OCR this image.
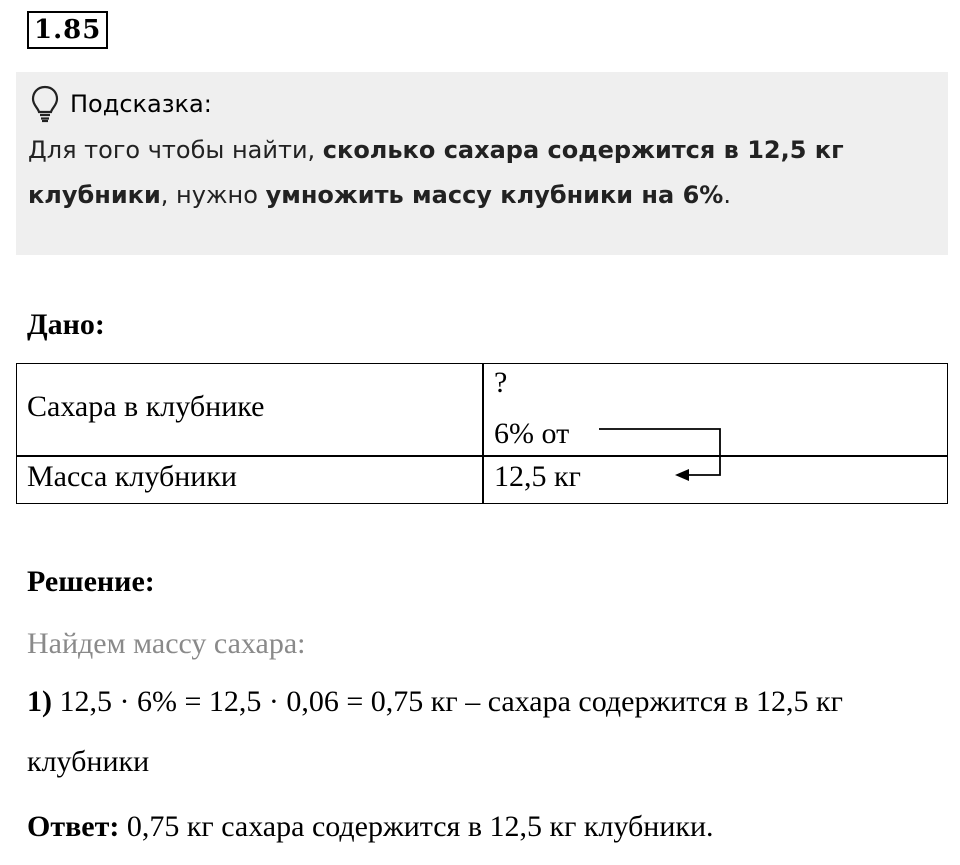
1.85
Подсказка:
Для того чтобы найти, сколько сахара содержится в 12,5 кг клубники, нужно умножить массу клубники на 6%.
Дано:
Сахара в клубнике
?
6% от
Масса клубники	12,5 кг
Решение:
Найдем массу сахара:
1) 12,5 · 6% = 12,5 · 0,06 = 0,75 кг – сахара содержится в 12,5 кг клубники
Ответ: 0,75 кг сахара содержится в 12,5 кг клубники.
